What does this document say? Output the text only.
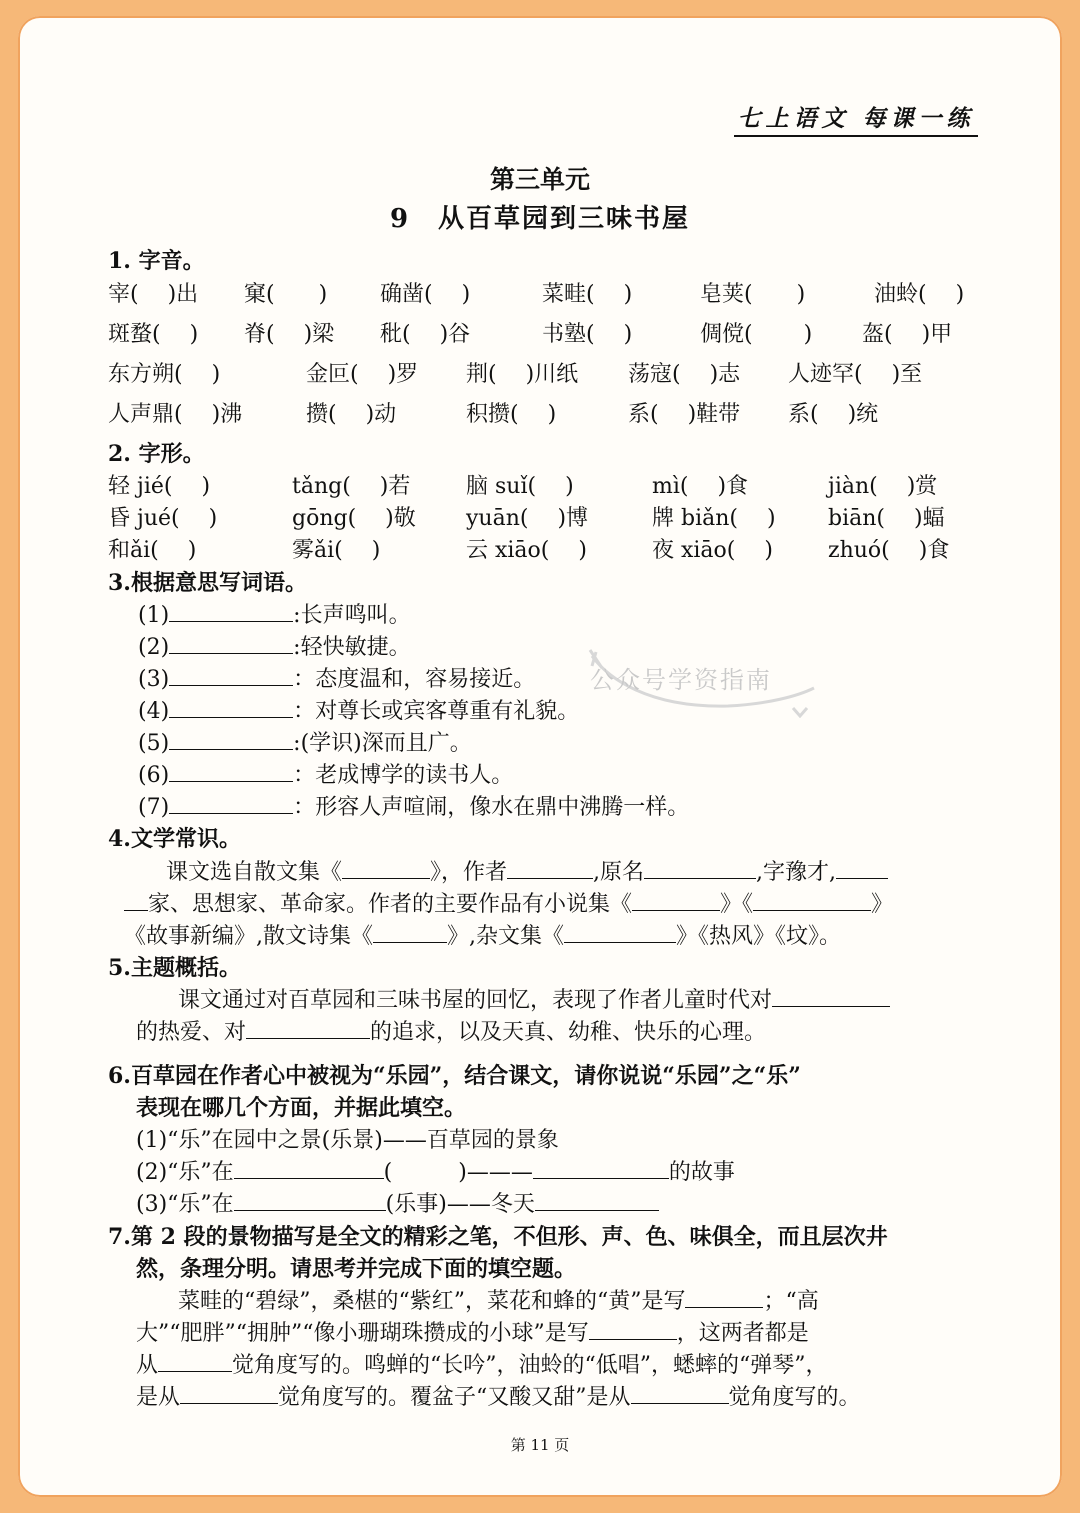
七上语文 每课一练
第三单元
9　从百草园到三味书屋
1. 字音。
宰(　 )出 窠(　　) 确凿(　 )	菜畦(　 )	皂荚(　　)	油蛉(　 )
斑蝥(　 ) 脊(　 )梁 秕(　 )谷	书塾(　 )	倜傥(　　 ) 盔(　 )甲
东方朔(　 )	金叵(　 )罗 荆(　 )川纸 荡寇(　 )志 人迹罕(　 )至
人声鼎(　 )沸	攒(　 )动	积攒(　 )	系(　 )鞋带 系(　 )统
2. 字形。
轻 jié(　 )	tǎng(　 )若	脑 suǐ(　 )	mì(　 )食	jiàn(　 )赏
昏 jué(　 )	gōng(　 )敬 yuān(　 )博	牌 biǎn(　 ) biān(　 )蝠
和ǎi(　 )	雾ǎi(　 )	云 xiāo(　 )	夜 xiāo(　 )	zhuó(　 )食
3.根据意思写词语。
(1)	:长声鸣叫。
(2)	:轻快敏捷。
(3)	：态度温和，容易接近。
(4)	：对尊长或宾客尊重有礼貌。
(5)	:(学识)深而且广。
(6)	：老成博学的读书人。
(7)	：形容人声喧闹，像水在鼎中沸腾一样。
4.文学常识。
课文选自散文集《	》，作者	,原名	,字豫才,
家、思想家、革命家。作者的主要作品有小说集《	》《	》
《故事新编》,散文诗集《	》,杂文集《	》《热风》《坟》。
5.主题概括。
课文通过对百草园和三味书屋的回忆，表现了作者儿童时代对
的热爱、对	的追求，以及天真、幼稚、快乐的心理。
6.百草园在作者心中被视为“乐园”，结合课文，请你说说“乐园”之“乐”
表现在哪几个方面，并据此填空。
(1)“乐”在园中之景(乐景)——百草园的景象
(2)“乐”在	(	)———	的故事
(3)“乐”在	(乐事)——冬天
7.第 2 段的景物描写是全文的精彩之笔，不但形、声、色、味俱全，而且层次井
然，条理分明。请思考并完成下面的填空题。
菜畦的“碧绿”，桑椹的“紫红”，菜花和蜂的“黄”是写	；“高
大”“肥胖”“拥肿”“像小珊瑚珠攒成的小球”是写	，这两者都是
从	觉角度写的。鸣蝉的“长吟”，油蛉的“低唱”，蟋蟀的“弹琴”，
是从	觉角度写的。覆盆子“又酸又甜”是从	觉角度写的。
公众号学资指南
第 11 页
